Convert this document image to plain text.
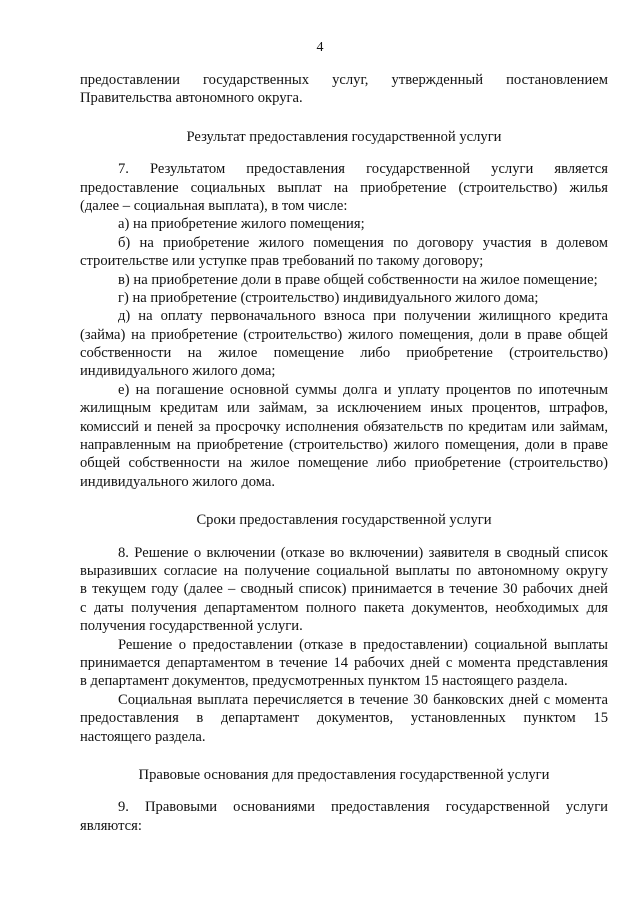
4
предоставлении государственных услуг, утвержденный постановлением
Правительства автономного округа.
Результат предоставления государственной услуги
7. Результатом предоставления государственной услуги является
предоставление социальных выплат на приобретение (строительство) жилья
(далее – социальная выплата), в том числе:
а) на приобретение жилого помещения;
б) на приобретение жилого помещения по договору участия в долевом
строительстве или уступке прав требований по такому договору;
в) на приобретение доли в праве общей собственности на жилое помещение;
г) на приобретение (строительство) индивидуального жилого дома;
д) на оплату первоначального взноса при получении жилищного кредита
(займа) на приобретение (строительство) жилого помещения, доли в праве общей
собственности на жилое помещение либо приобретение (строительство)
индивидуального жилого дома;
е) на погашение основной суммы долга и уплату процентов по ипотечным
жилищным кредитам или займам, за исключением иных процентов, штрафов,
комиссий и пеней за просрочку исполнения обязательств по кредитам или займам,
направленным на приобретение (строительство) жилого помещения, доли в праве
общей собственности на жилое помещение либо приобретение (строительство)
индивидуального жилого дома.
Сроки предоставления государственной услуги
8. Решение о включении (отказе во включении) заявителя в сводный список
выразивших согласие на получение социальной выплаты по автономному округу
в текущем году (далее – сводный список) принимается в течение 30 рабочих дней
с даты получения департаментом полного пакета документов, необходимых для
получения государственной услуги.
Решение о предоставлении (отказе в предоставлении) социальной выплаты
принимается департаментом в течение 14 рабочих дней с момента представления
в департамент документов, предусмотренных пунктом 15 настоящего раздела.
Социальная выплата перечисляется в течение 30 банковских дней с момента
предоставления в департамент документов, установленных пунктом 15
настоящего раздела.
Правовые основания для предоставления государственной услуги
9. Правовыми основаниями предоставления государственной услуги
являются:
